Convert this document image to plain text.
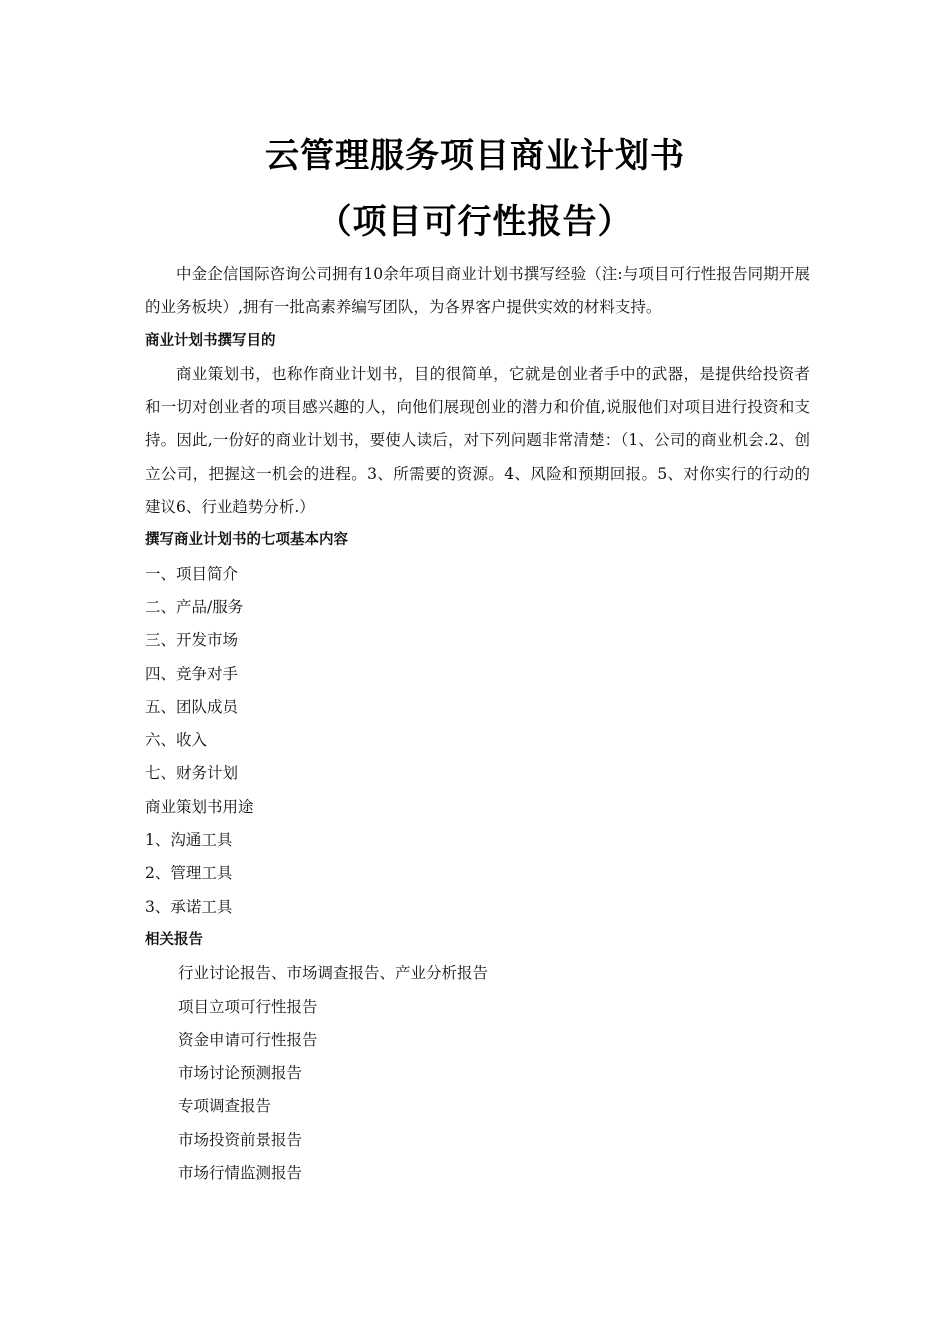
云管理服务项目商业计划书
（项目可行性报告）

中金企信国际咨询公司拥有10余年项目商业计划书撰写经验（注:与项目可行性报告同期开展的业务板块）,拥有一批高素养编写团队，为各界客户提供实效的材料支持。

商业计划书撰写目的

商业策划书，也称作商业计划书，目的很简单，它就是创业者手中的武器，是提供给投资者和一切对创业者的项目感兴趣的人，向他们展现创业的潜力和价值,说服他们对项目进行投资和支持。因此,一份好的商业计划书，要使人读后，对下列问题非常清楚：（1、公司的商业机会.2、创立公司，把握这一机会的进程。3、所需要的资源。4、风险和预期回报。5、对你实行的行动的建议6、行业趋势分析.）

撰写商业计划书的七项基本内容

一、项目简介

二、产品/服务

三、开发市场

四、竞争对手

五、团队成员

六、收入

七、财务计划

商业策划书用途

1、沟通工具

2、管理工具

3、承诺工具

相关报告

行业讨论报告、市场调查报告、产业分析报告

项目立项可行性报告

资金申请可行性报告

市场讨论预测报告

专项调查报告

市场投资前景报告

市场行情监测报告
